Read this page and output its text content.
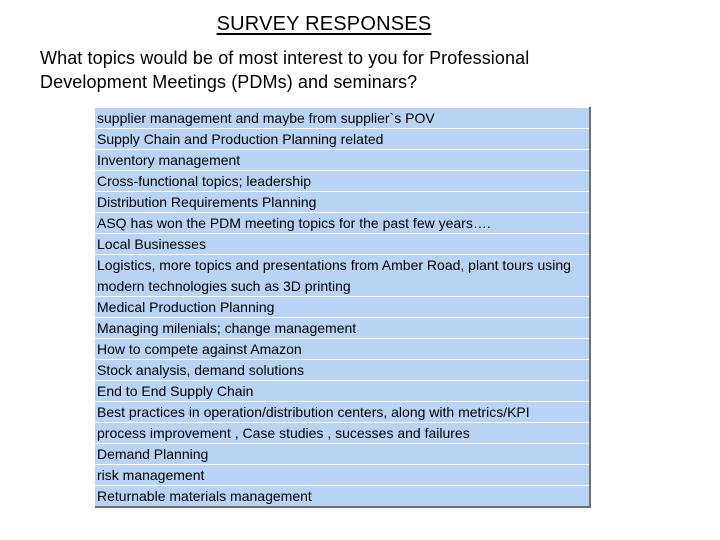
SURVEY RESPONSES
What topics would be of most interest to you for Professional Development Meetings (PDMs) and seminars?
supplier management and maybe from supplier`s POV
Supply Chain and Production Planning related
Inventory management
Cross-functional topics; leadership
Distribution Requirements Planning
ASQ has won the PDM meeting topics for the past few years….
Local Businesses
Logistics, more topics and presentations from Amber Road, plant tours using modern technologies such as 3D printing
Medical Production Planning
Managing milenials; change management
How to compete against Amazon
Stock analysis, demand solutions
End to End Supply Chain
Best practices in operation/distribution centers, along with metrics/KPI
process improvement , Case studies , sucesses and failures
Demand Planning
risk management
Returnable materials management
